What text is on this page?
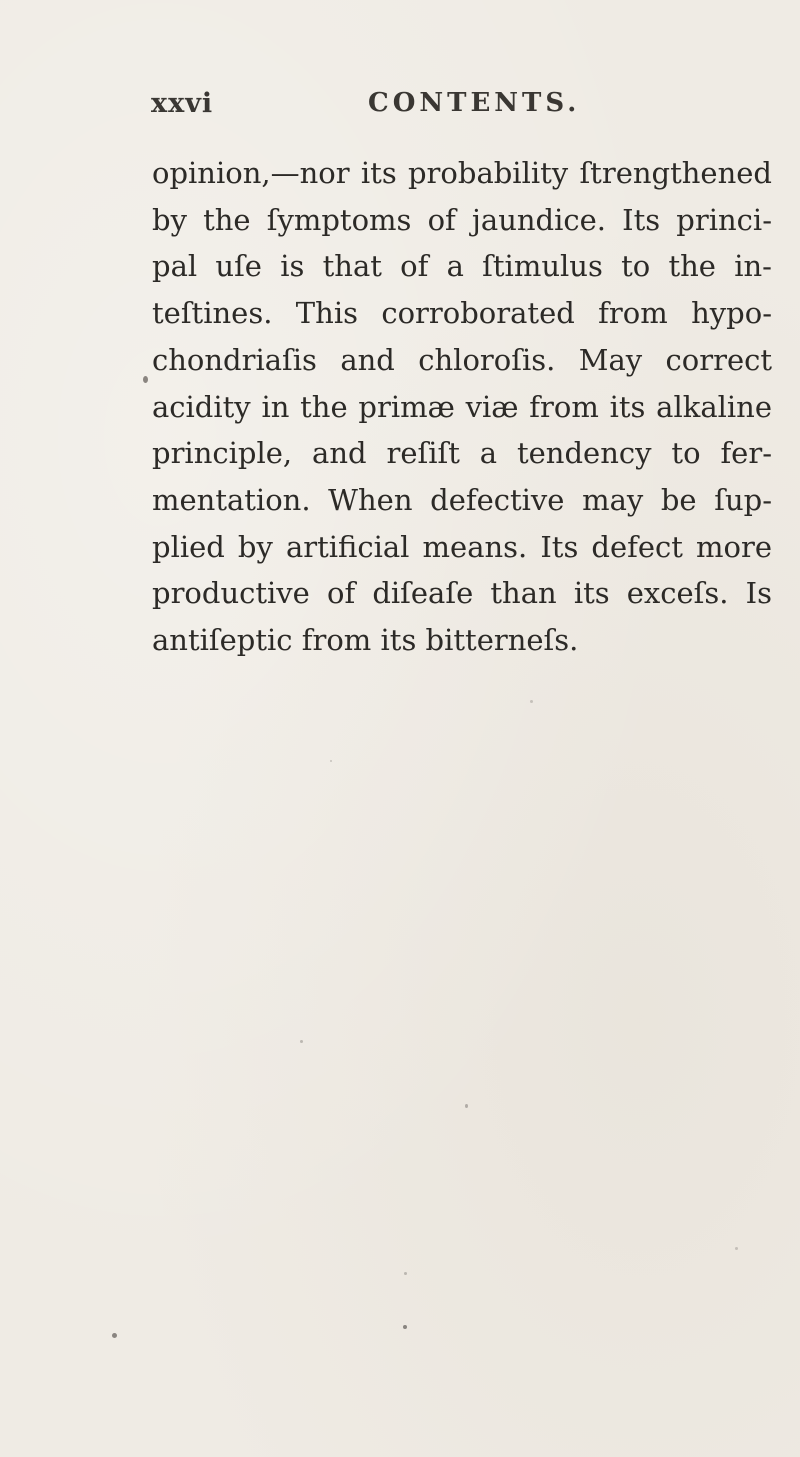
xxvi	CONTENTS.
opinion,—nor its probability ſtrengthened
by the ſymptoms of jaundice. Its princi-
pal uſe is that of a ſtimulus to the in-
teſtines. This corroborated from hypo-
chondriaſis and chloroſis. May correct
acidity in the primæ viæ from its alkaline
principle, and reſiſt a tendency to fer-
mentation. When defective may be ſup-
plied by artificial means. Its defect more
productive of diſeaſe than its exceſs. Is
antiſeptic from its bitterneſs.
